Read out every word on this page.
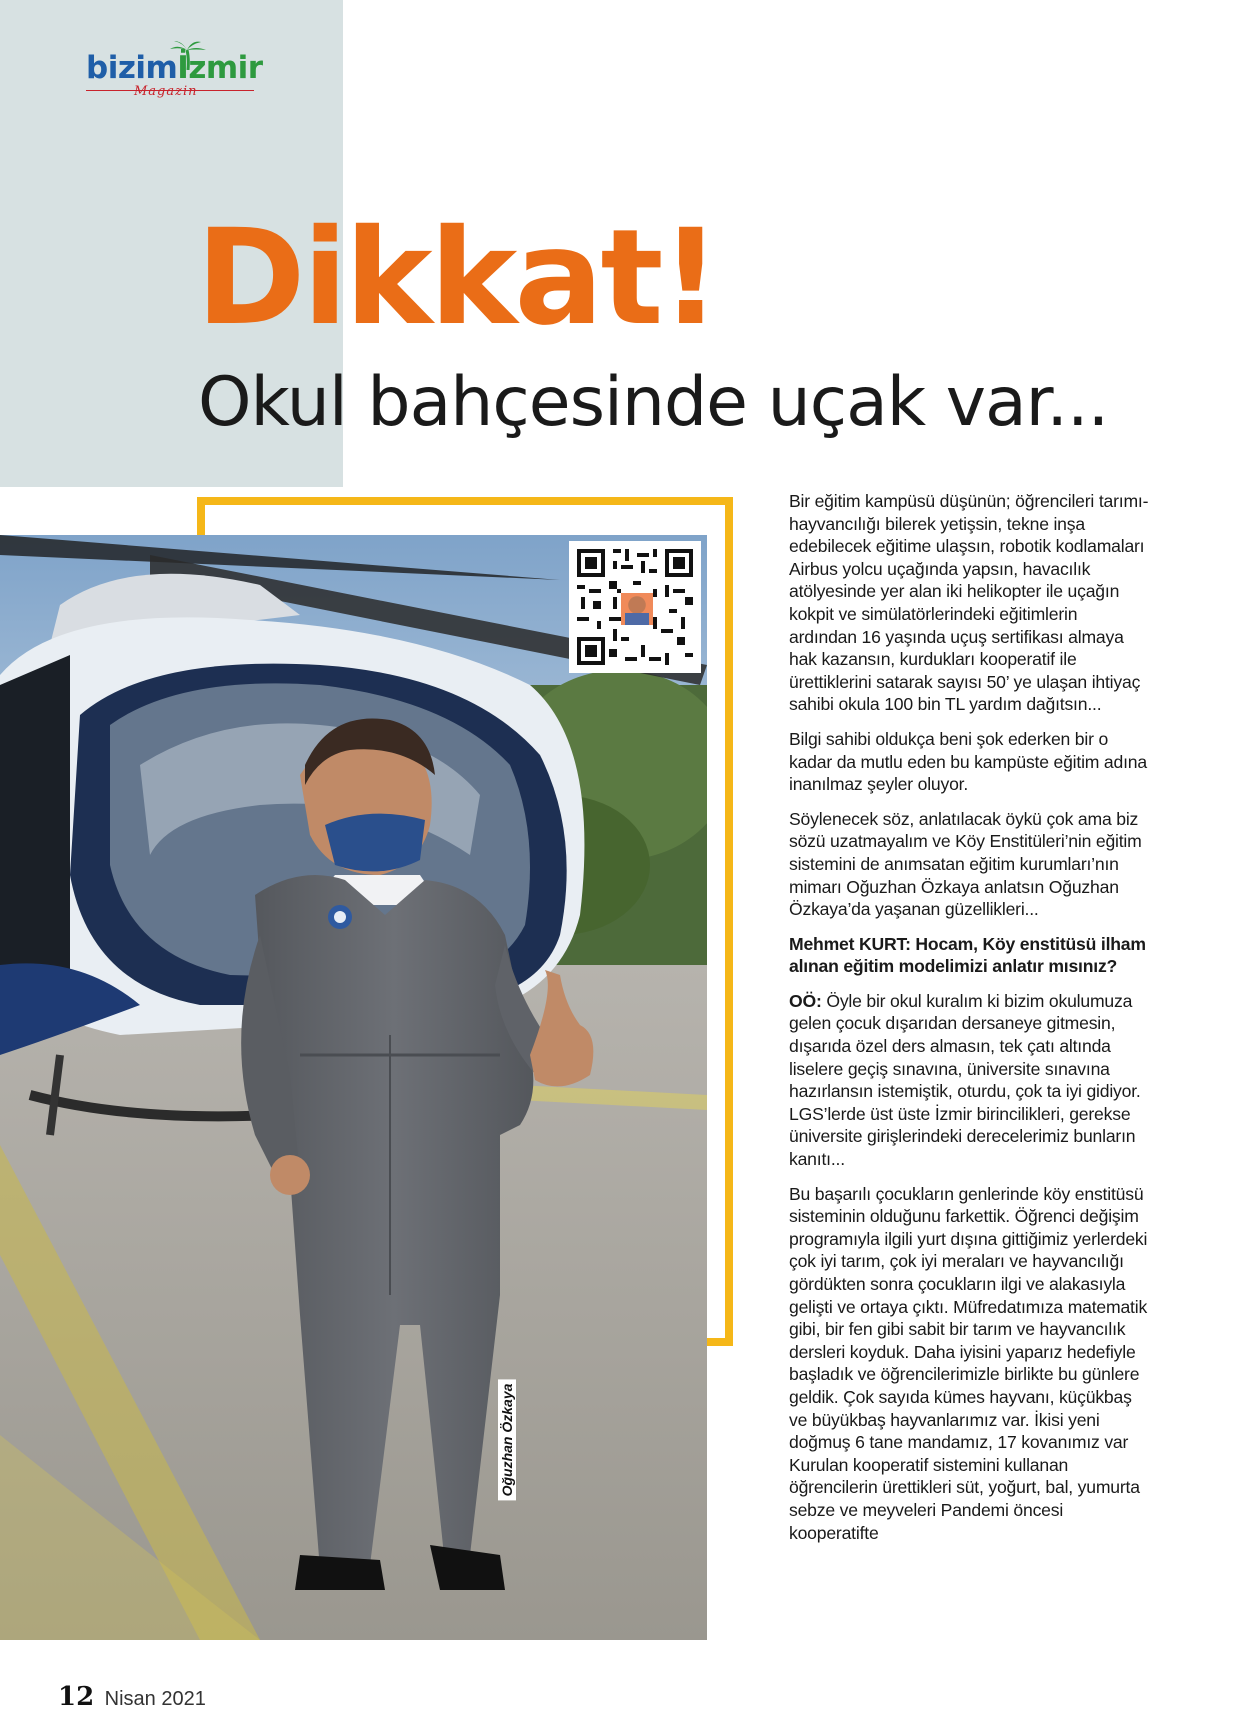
bizimİzmir
Magazin
Dikkat!
Okul bahçesinde uçak var...
Oğuzhan Özkaya

Bir eğitim kampüsü düşünün; öğrencileri tarımı- hayvancılığı bilerek yetişsin, tekne inşa edebilecek eğitime ulaşsın, robotik kodlamaları Airbus yolcu uçağında yapsın, havacılık atölyesinde yer alan iki helikopter ile uçağın kokpit ve simülatörlerindeki eğitimlerin ardından 16 yaşında uçuş sertifikası almaya hak kazansın, kurdukları kooperatif ile ürettiklerini satarak sayısı 50’ ye ulaşan ihtiyaç sahibi okula 100 bin TL yardım dağıtsın...

Bilgi sahibi oldukça beni şok ederken bir o kadar da mutlu eden bu kampüste eğitim adına inanılmaz şeyler oluyor.

Söylenecek söz, anlatılacak öykü çok ama biz sözü uzatmayalım ve Köy Enstitüleri’nin eğitim sistemini de anımsatan eğitim kurumları’nın mimarı Oğuzhan Özkaya anlatsın Oğuzhan Özkaya’da yaşanan güzellikleri...

Mehmet KURT: Hocam, Köy enstitüsü ilham alınan eğitim modelimizi anlatır mısınız?

OÖ: Öyle bir okul kuralım ki bizim okulumuza gelen çocuk dışarıdan dersaneye gitmesin, dışarıda özel ders almasın, tek çatı altında liselere geçiş sınavına, üniversite sınavına hazırlansın istemiştik, oturdu, çok ta iyi gidiyor. LGS’lerde üst üste İzmir birincilikleri, gerekse üniversite girişlerindeki derecelerimiz bunların kanıtı...

Bu başarılı çocukların genlerinde köy enstitüsü sisteminin olduğunu farkettik. Öğrenci değişim programıyla ilgili yurt dışına gittiğimiz yerlerdeki çok iyi tarım, çok iyi meraları ve hayvancılığı gördükten sonra çocukların ilgi ve alakasıyla gelişti ve ortaya çıktı. Müfredatımıza matematik gibi, bir fen gibi sabit bir tarım ve hayvancılık dersleri koyduk. Daha iyisini yaparız hedefiyle başladık ve öğrencilerimizle birlikte bu günlere geldik. Çok sayıda kümes hayvanı, küçükbaş ve büyükbaş hayvanlarımız var. İkisi yeni doğmuş 6 tane mandamız, 17 kovanımız var Kurulan kooperatif sistemini kullanan öğrencilerin ürettikleri süt, yoğurt, bal, yumurta sebze ve meyveleri Pandemi öncesi kooperatifte

12 Nisan 2021
